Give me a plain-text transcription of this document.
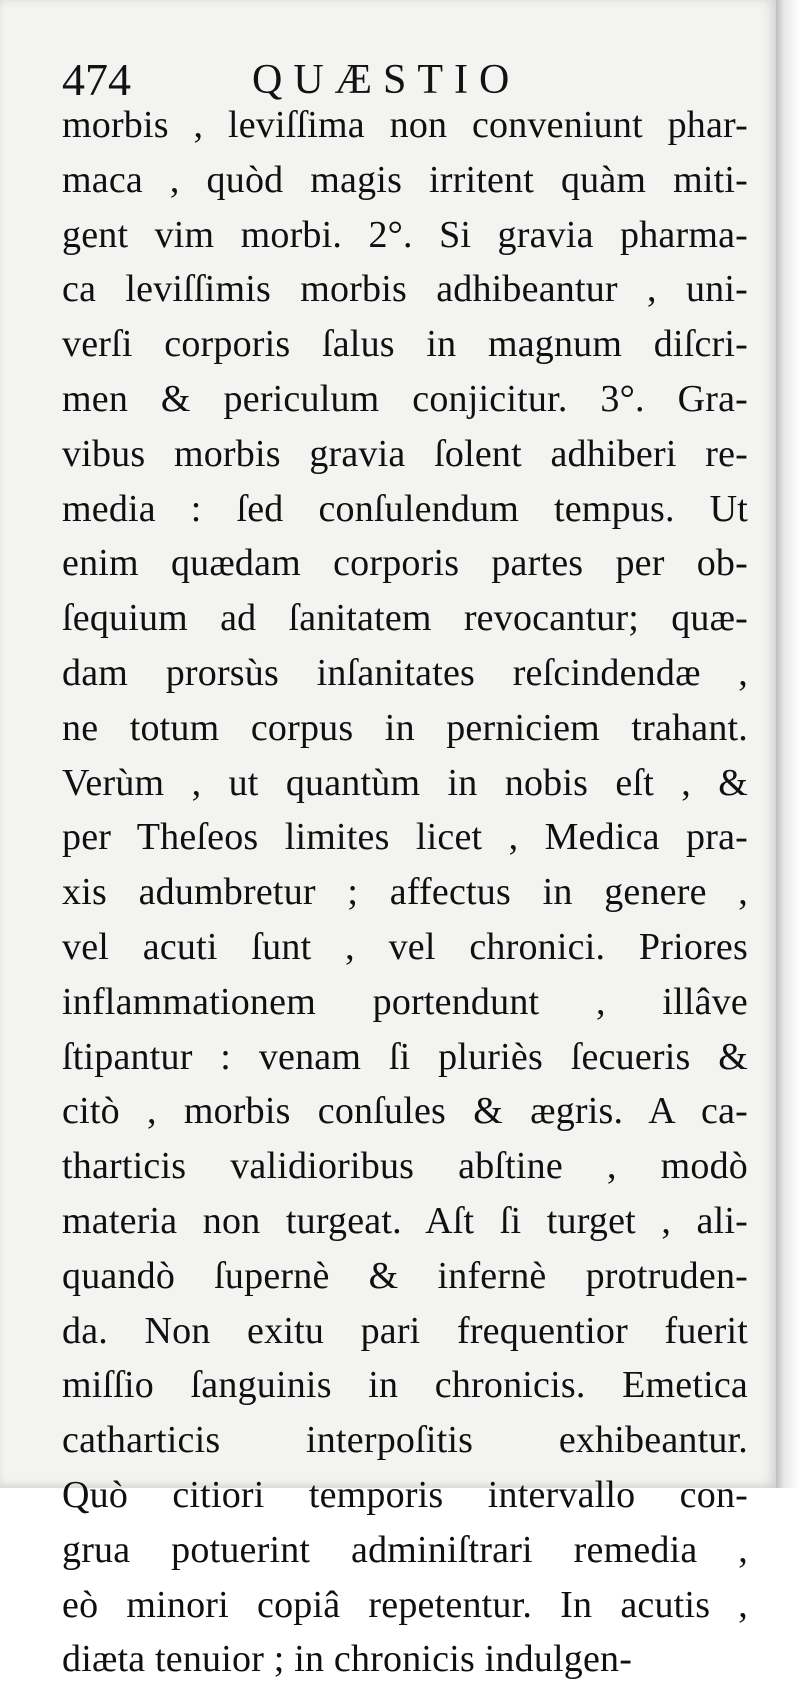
474	QUÆSTIO
morbis , leviſſima non conveniunt phar-
maca , quòd magis irritent quàm miti-
gent vim morbi. 2°. Si gravia pharma-
ca leviſſimis morbis adhibeantur , uni-
verſi corporis ſalus in magnum diſcri-
men & periculum conjicitur. 3°. Gra-
vibus morbis gravia ſolent adhiberi re-
media : ſed conſulendum tempus. Ut
enim quædam corporis partes per ob-
ſequium ad ſanitatem revocantur; quæ-
dam prorsùs inſanitates reſcindendæ ,
ne totum corpus in perniciem trahant.
Verùm , ut quantùm in nobis eſt , &
per Theſeos limites licet , Medica pra-
xis adumbretur ; affectus in genere ,
vel acuti ſunt , vel chronici. Priores
inflammationem portendunt , illâve
ſtipantur : venam ſi pluriès ſecueris &
citò , morbis conſules & ægris. A ca-
tharticis validioribus abſtine , modò
materia non turgeat. Aſt ſi turget , ali-
quandò ſupernè & infernè protruden-
da. Non exitu pari frequentior fuerit
miſſio ſanguinis in chronicis. Emetica
catharticis interpoſitis exhibeantur.
Quò citiori temporis intervallo con-
grua potuerint adminiſtrari remedia ,
eò minori copiâ repetentur. In acutis ,
diæta tenuior ; in chronicis indulgen-
